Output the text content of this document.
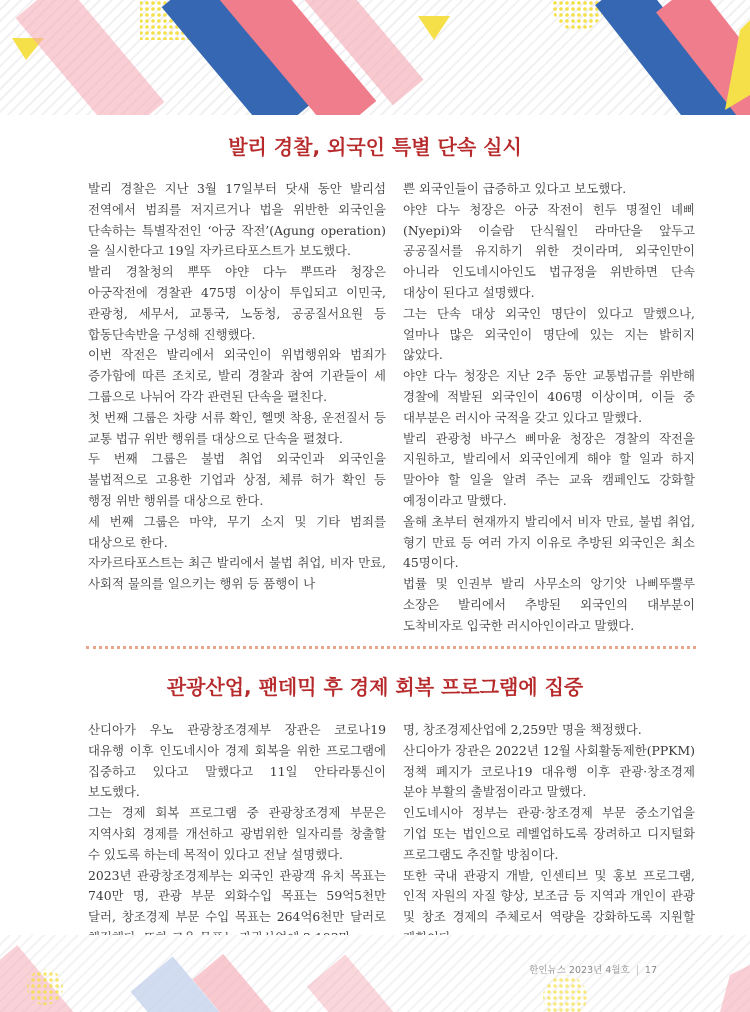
발리 경찰, 외국인 특별 단속 실시

발리 경찰은 지난 3월 17일부터 닷새 동안 발리섬 전역에서 범죄를 저지르거나 법을 위반한 외국인을 단속하는 특별작전인 ‘아궁 작전’(Agung operation)을 실시한다고 19일 자카르타포스트가 보도했다.

발리 경찰청의 뿌뚜 야얀 다누 뿌뜨라 청장은 아궁작전에 경찰관 475명 이상이 투입되고 이민국, 관광청, 세무서, 교통국, 노동청, 공공질서요원 등 합동단속반을 구성해 진행했다.

이번 작전은 발리에서 외국인이 위법행위와 범죄가 증가함에 따른 조치로, 발리 경찰과 참여 기관들이 세 그룹으로 나뉘어 각각 관련된 단속을 펼친다.

첫 번째 그룹은 차량 서류 확인, 헬멧 착용, 운전질서 등 교통 법규 위반 행위를 대상으로 단속을 펼쳤다.

두 번째 그룹은 불법 취업 외국인과 외국인을 불법적으로 고용한 기업과 상점, 체류 허가 확인 등 행정 위반 행위를 대상으로 한다.

세 번째 그룹은 마약, 무기 소지 및 기타 범죄를 대상으로 한다.

자카르타포스트는 최근 발리에서 불법 취업, 비자 만료, 사회적 물의를 일으키는 행위 등 품행이 나

쁜 외국인들이 급증하고 있다고 보도했다.

야얀 다누 청장은 아궁 작전이 힌두 명절인 녜삐(Nyepi)와 이슬람 단식월인 라마단을 앞두고 공공질서를 유지하기 위한 것이라며, 외국인만이 아니라 인도네시아인도 법규정을 위반하면 단속 대상이 된다고 설명했다.

그는 단속 대상 외국인 명단이 있다고 말했으나, 얼마나 많은 외국인이 명단에 있는 지는 밝히지 않았다.

야얀 다누 청장은 지난 2주 동안 교통법규를 위반해 경찰에 적발된 외국인이 406명 이상이며, 이들 중 대부분은 러시아 국적을 갖고 있다고 말했다.

발리 관광청 바구스 삐마윤 청장은 경찰의 작전을 지원하고, 발리에서 외국인에게 해야 할 일과 하지 말아야 할 일을 알려 주는 교육 캠페인도 강화할 예정이라고 말했다.

올해 초부터 현재까지 발리에서 비자 만료, 불법 취업, 형기 만료 등 여러 가지 이유로 추방된 외국인은 최소 45명이다.

법률 및 인권부 발리 사무소의 앙기앗 나삐뚜뿔루 소장은 발리에서 추방된 외국인의 대부분이 도착비자로 입국한 러시아인이라고 말했다.

관광산업, 팬데믹 후 경제 회복 프로그램에 집중

산디아가 우노 관광창조경제부 장관은 코로나19 대유행 이후 인도네시아 경제 회복을 위한 프로그램에 집중하고 있다고 말했다고 11일 안타라통신이 보도했다.

그는 경제 회복 프로그램 중 관광창조경제 부문은 지역사회 경제를 개선하고 광범위한 일자리를 창출할 수 있도록 하는데 목적이 있다고 전날 설명했다.

2023년 관광창조경제부는 외국인 관광객 유치 목표는 740만 명, 관광 부문 외화수입 목표는 59억5천만 달러, 창조경제 부문 수입 목표는 264억6천만 달러로

명, 창조경제산업에 2,259만 명을 책정했다.

산디아가 장관은 2022년 12월 사회활동제한(PPKM) 정책 폐지가 코로나19 대유행 이후 관광·창조경제 분야 부활의 출발점이라고 말했다.

인도네시아 정부는 관광·창조경제 부문 중소기업을 기업 또는 법인으로 레벨업하도록 장려하고 디지털화 프로그램도 추진할 방침이다.

또한 국내 관광지 개발, 인센티브 및 홍보 프로그램, 인적 자원의 자질 향상, 보조금 등 지역과 개인이 관광 및 창조 경제의 주체로서 역량을 강화하도록 지원할

한인뉴스 2023년 4월호 | 17
